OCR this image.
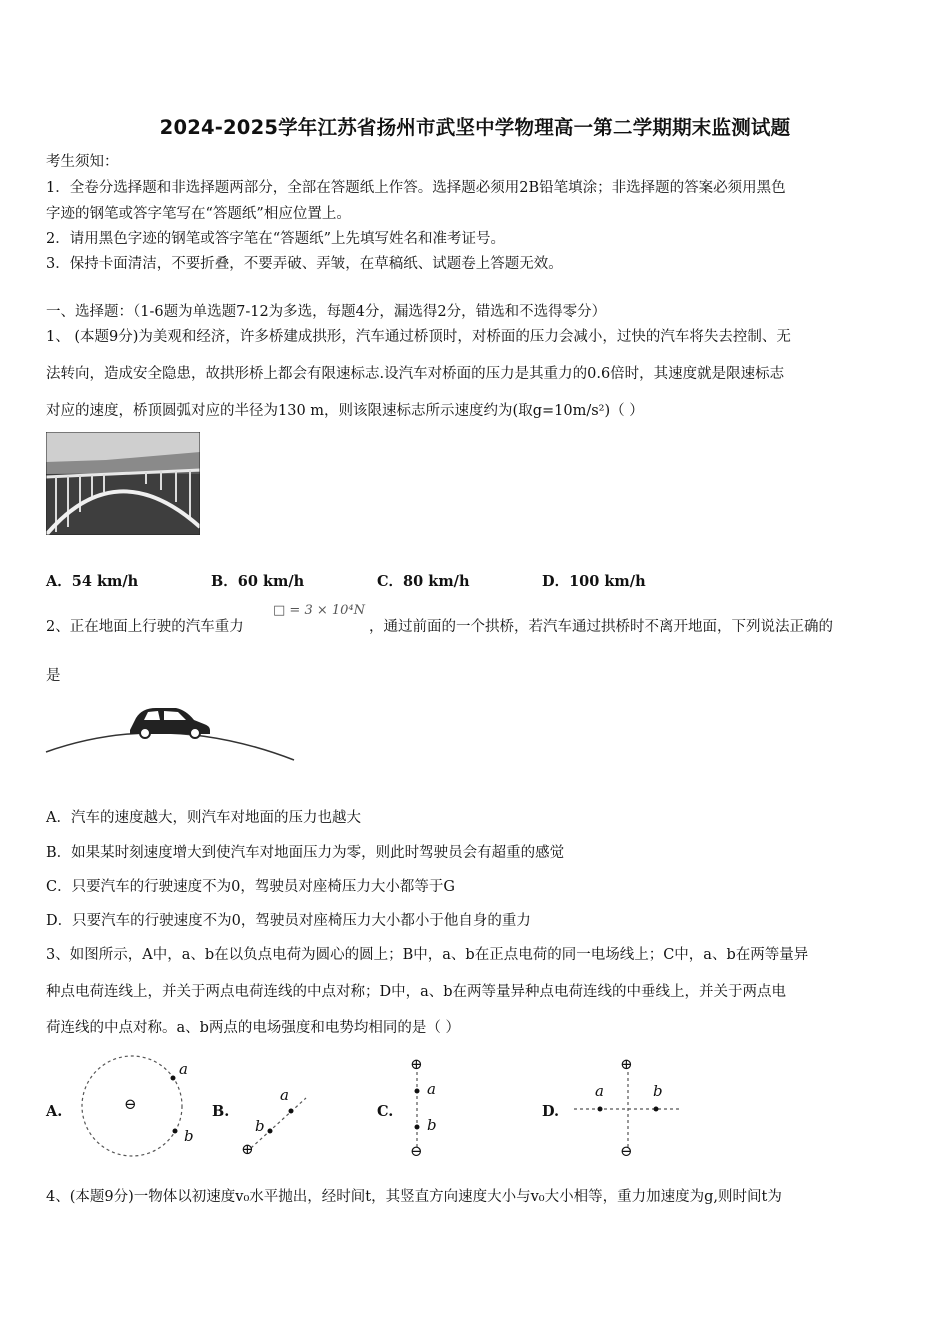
2024-2025学年江苏省扬州市武坚中学物理高一第二学期期末监测试题
考生须知：
1．全卷分选择题和非选择题两部分，全部在答题纸上作答。选择题必须用2B铅笔填涂；非选择题的答案必须用黑色
字迹的钢笔或答字笔写在“答题纸”相应位置上。
2．请用黑色字迹的钢笔或答字笔在“答题纸”上先填写姓名和准考证号。
3．保持卡面清洁，不要折叠，不要弄破、弄皱，在草稿纸、试题卷上答题无效。
一、选择题：（1-6题为单选题7-12为多选，每题4分，漏选得2分，错选和不选得零分）
1、 (本题9分)为美观和经济，许多桥建成拱形，汽车通过桥顶时，对桥面的压力会减小，过快的汽车将失去控制、无
法转向，造成安全隐患，故拱形桥上都会有限速标志.设汽车对桥面的压力是其重力的0.6倍时，其速度就是限速标志
对应的速度，桥顶圆弧对应的半径为130 m，则该限速标志所示速度约为(取g=10m/s²)（ ）
A．54 km/h	B．60 km/h	C．80 km/h	D．100 km/h
2、正在地面上行驶的汽车重力
□ = 3 × 10⁴N
，通过前面的一个拱桥，若汽车通过拱桥时不离开地面，下列说法正确的
是
A．汽车的速度越大，则汽车对地面的压力也越大
B．如果某时刻速度增大到使汽车对地面压力为零，则此时驾驶员会有超重的感觉
C．只要汽车的行驶速度不为0，驾驶员对座椅压力大小都等于G
D．只要汽车的行驶速度不为0，驾驶员对座椅压力大小都小于他自身的重力
3、如图所示，A中，a、b在以负点电荷为圆心的圆上；B中，a、b在正点电荷的同一电场线上；C中，a、b在两等量异
种点电荷连线上，并关于两点电荷连线的中点对称；D中，a、b在两等量异种点电荷连线的中垂线上，并关于两点电
荷连线的中点对称。a、b两点的电场强度和电势均相同的是（ ）
A.	B.	C.	D.
⊖
a
b
⊕
a
b
⊕
⊖
a
b
⊕
⊖
a	b
4、(本题9分)一物体以初速度v₀水平抛出，经时间t，其竖直方向速度大小与v₀大小相等，重力加速度为g,则时间t为
